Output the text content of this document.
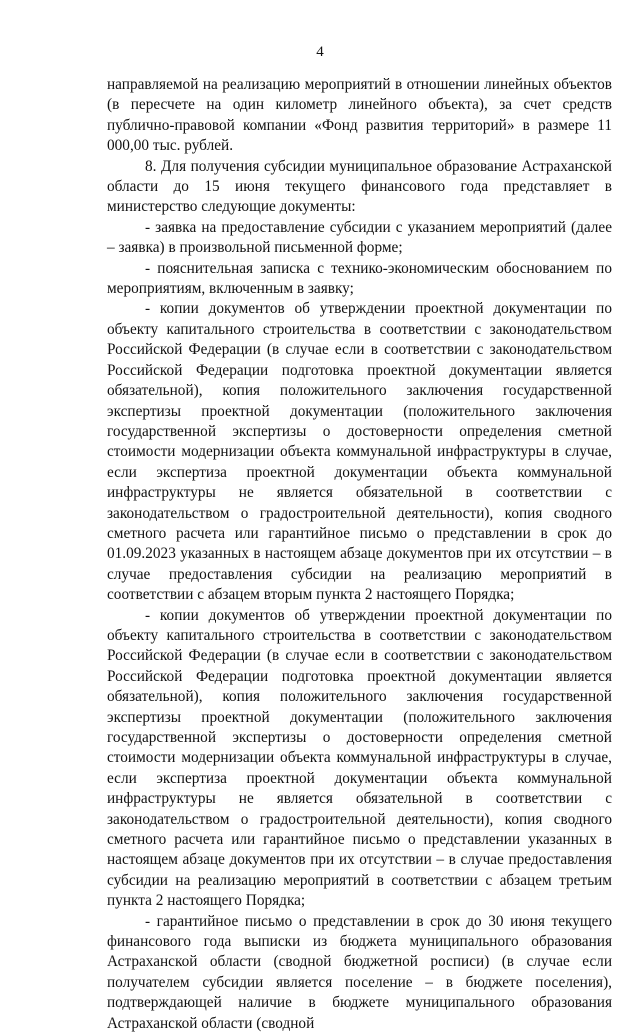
4

направляемой на реализацию мероприятий в отношении линейных объектов (в пересчете на один километр линейного объекта), за счет средств публично-правовой компании «Фонд развития территорий» в размере 11 000,00 тыс. рублей.

8. Для получения субсидии муниципальное образование Астраханской области до 15 июня текущего финансового года представляет в министерство следующие документы:

- заявка на предоставление субсидии с указанием мероприятий (далее – заявка) в произвольной письменной форме;

- пояснительная записка с технико-экономическим обоснованием по мероприятиям, включенным в заявку;

- копии документов об утверждении проектной документации по объекту капитального строительства в соответствии с законодательством Российской Федерации (в случае если в соответствии с законодательством Российской Федерации подготовка проектной документации является обязательной), копия положительного заключения государственной экспертизы проектной документации (положительного заключения государственной экспертизы о достоверности определения сметной стоимости модернизации объекта коммунальной инфраструктуры в случае, если экспертиза проектной документации объекта коммунальной инфраструктуры не является обязательной в соответствии с законодательством о градостроительной деятельности), копия сводного сметного расчета или гарантийное письмо о представлении в срок до 01.09.2023 указанных в настоящем абзаце документов при их отсутствии – в случае предоставления субсидии на реализацию мероприятий в соответствии с абзацем вторым пункта 2 настоящего Порядка;

- копии документов об утверждении проектной документации по объекту капитального строительства в соответствии с законодательством Российской Федерации (в случае если в соответствии с законодательством Российской Федерации подготовка проектной документации является обязательной), копия положительного заключения государственной экспертизы проектной документации (положительного заключения государственной экспертизы о достоверности определения сметной стоимости модернизации объекта коммунальной инфраструктуры в случае, если экспертиза проектной документации объекта коммунальной инфраструктуры не является обязательной в соответствии с законодательством о градостроительной деятельности), копия сводного сметного расчета или гарантийное письмо о представлении указанных в настоящем абзаце документов при их отсутствии – в случае предоставления субсидии на реализацию мероприятий в соответствии с абзацем третьим пункта 2 настоящего Порядка;

- гарантийное письмо о представлении в срок до 30 июня текущего финансового года выписки из бюджета муниципального образования Астраханской области (сводной бюджетной росписи) (в случае если получателем субсидии является поселение – в бюджете поселения), подтверждающей наличие в бюджете муниципального образования Астраханской области (сводной
